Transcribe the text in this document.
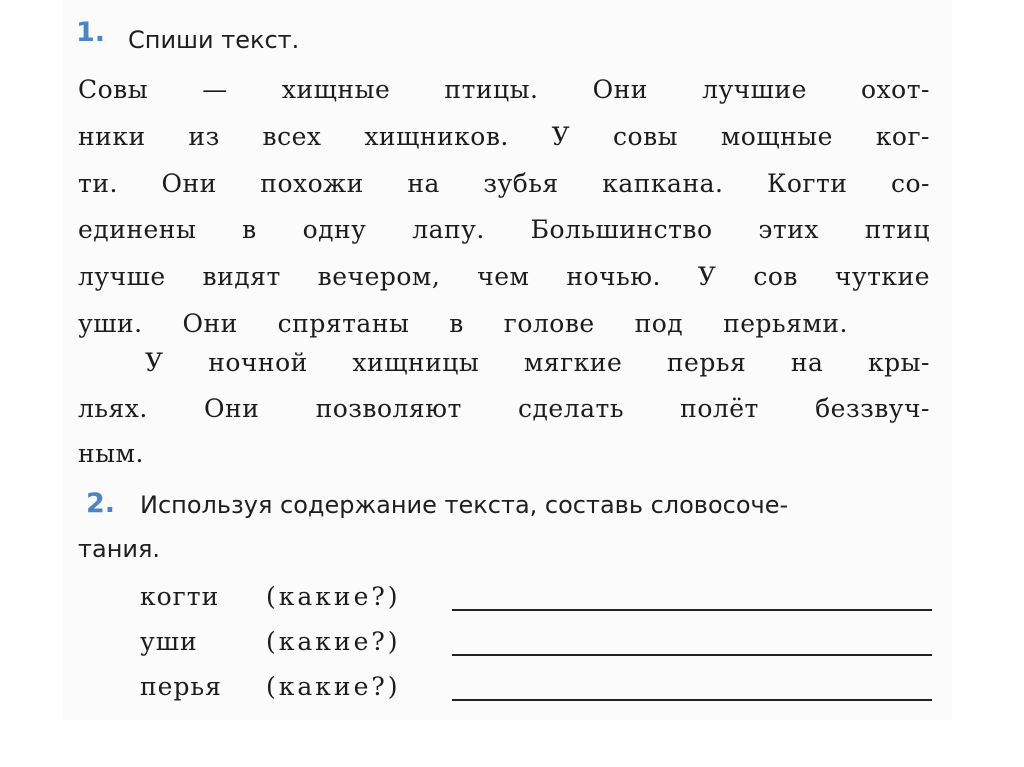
1. Спиши текст.
Совы — хищные птицы. Они лучшие охот-
ники из всех хищников. У совы мощные ког-
ти. Они похожи на зубья капкана. Когти со-
единены в одну лапу. Большинство этих птиц
лучше видят вечером, чем ночью. У сов чуткие
уши. Они спрятаны в голове под перьями.
У ночной хищницы мягкие перья на кры-
льях. Они позволяют сделать полёт беззвуч-
ным.
2. Используя содержание текста, составь словосоче-
тания.
когти (какие?)
уши	(какие?)
перья (какие?)
